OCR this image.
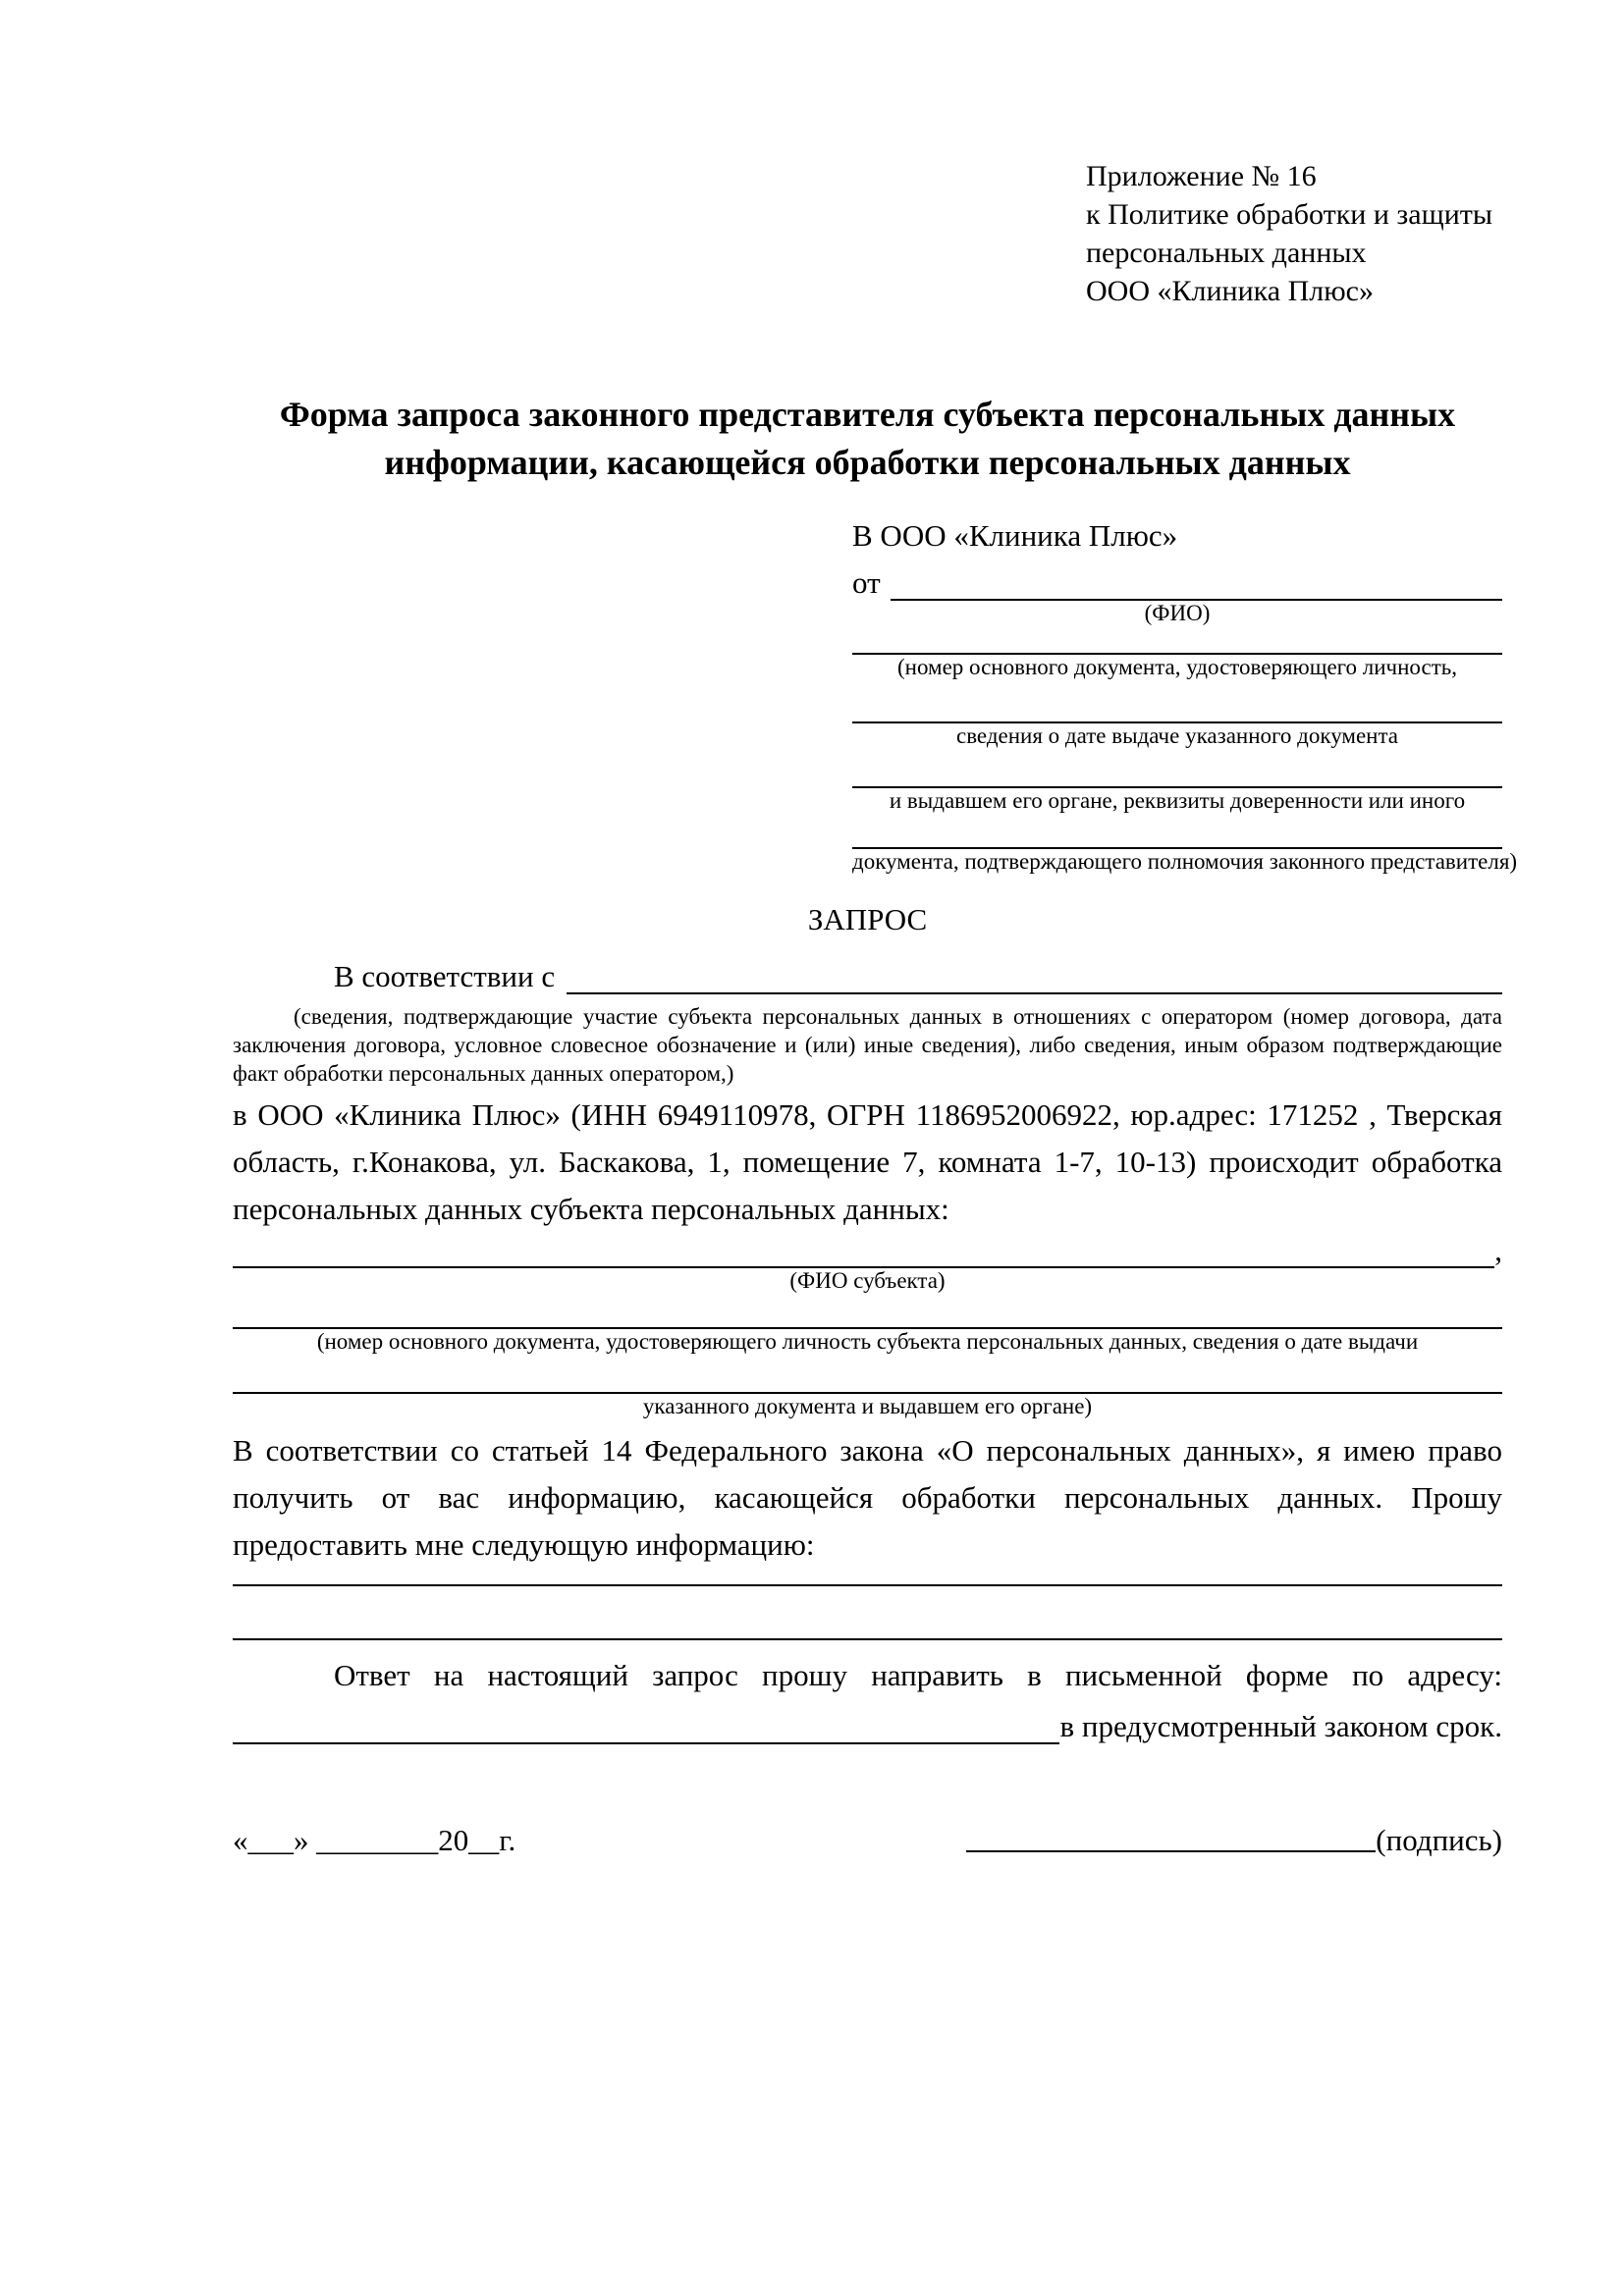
Приложение № 16
к Политике обработки и защиты
персональных данных
ООО «Клиника Плюс»
Форма запроса законного представителя субъекта персональных данных
информации, касающейся обработки персональных данных
В ООО «Клиника Плюс»
от
(ФИО)
(номер основного документа, удостоверяющего личность,
сведения о дате выдаче указанного документа
и выдавшем его органе, реквизиты доверенности или иного
документа, подтверждающего полномочия законного представителя)
ЗАПРОС
В соответствии с
(сведения, подтверждающие участие субъекта персональных данных в отношениях с оператором (номер договора, дата заключения договора, условное словесное обозначение и (или) иные сведения), либо сведения, иным образом подтверждающие факт обработки персональных данных оператором,)

в ООО «Клиника Плюс» (ИНН 6949110978, ОГРН 1186952006922, юр.адрес: 171252 , Тверская область, г.Конакова, ул. Баскакова, 1, помещение 7, комната 1-7, 10-13) происходит обработка персональных данных субъекта персональных данных:

,
(ФИО субъекта)
(номер основного документа, удостоверяющего личность субъекта персональных данных, сведения о дате выдачи
указанного документа и выдавшем его органе)

В соответствии со статьей 14 Федерального закона «О персональных данных», я имею право получить от вас информацию, касающейся обработки персональных данных. Прошу предоставить мне следующую информацию:

Ответ на настоящий запрос прошу направить в письменной форме по адресу:

в предусмотренный законом срок.
«___» ________20__г.	(подпись)
